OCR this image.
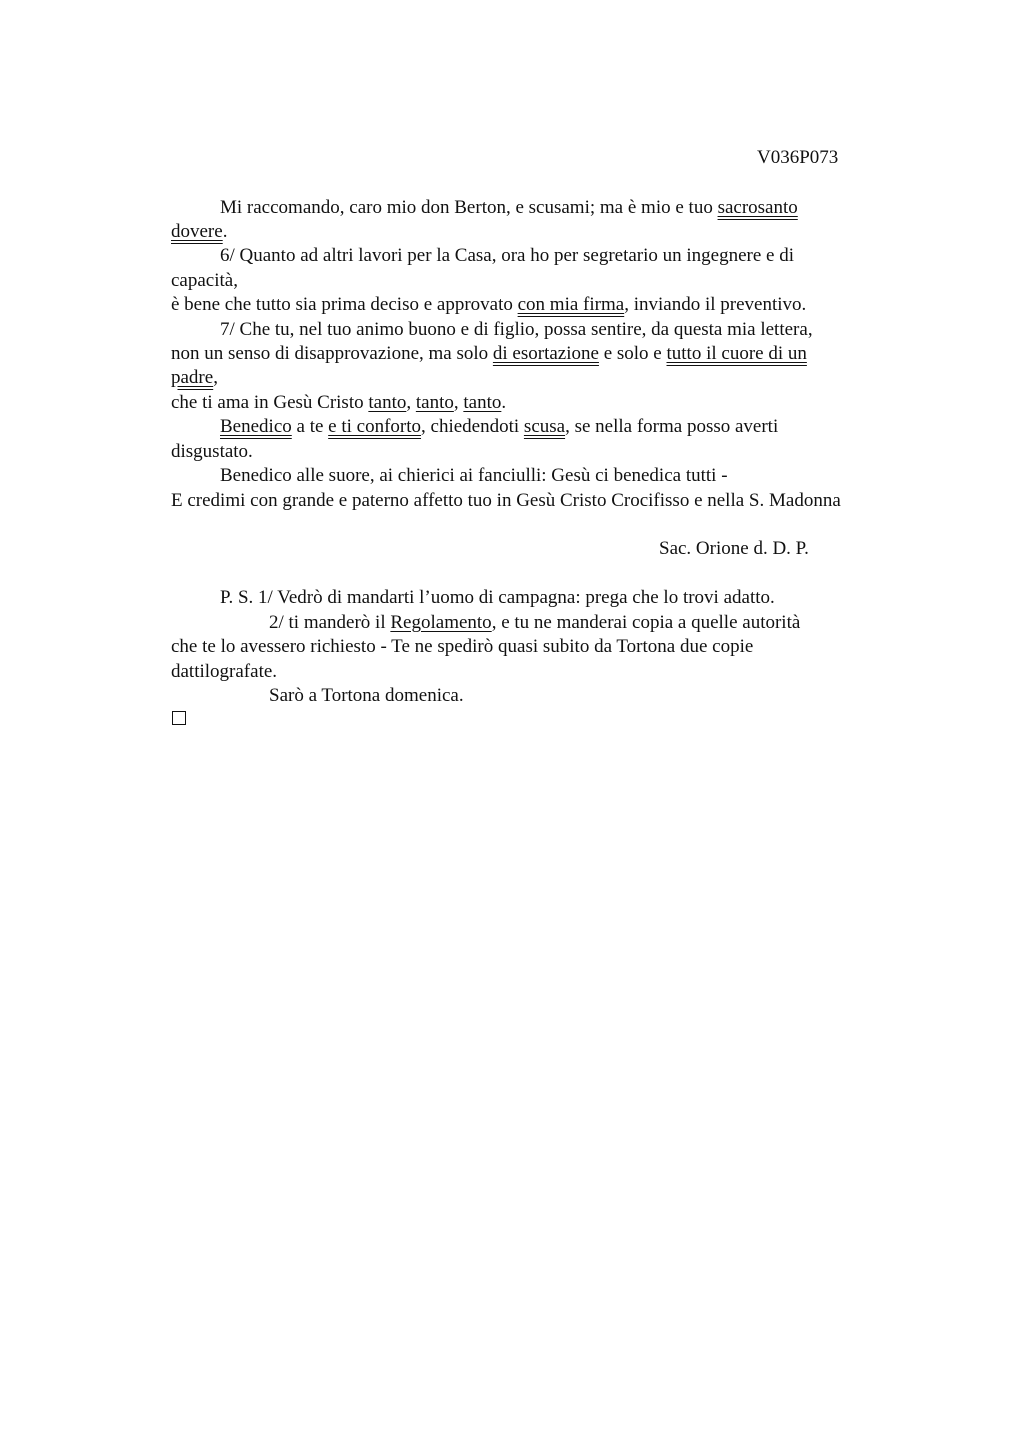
V036P073
Mi raccomando, caro mio don Berton, e scusami; ma è mio e tuo sacrosanto
dovere.
6/ Quanto ad altri lavori per la Casa, ora ho per segretario un ingegnere e di
capacità,
è bene che tutto sia prima deciso e approvato con mia firma, inviando il preventivo.
7/ Che tu, nel tuo animo buono e di figlio, possa sentire, da questa mia lettera,
non un senso di disapprovazione, ma solo di esortazione e solo e tutto il cuore di un
padre,
che ti ama in Gesù Cristo tanto, tanto, tanto.
Benedico a te e ti conforto, chiedendoti scusa, se nella forma posso averti
disgustato.
Benedico alle suore, ai chierici ai fanciulli: Gesù ci benedica tutti -
E credimi con grande e paterno affetto tuo in Gesù Cristo Crocifisso e nella S. Madonna
Sac. Orione d. D. P.
P. S. 1/ Vedrò di mandarti l’uomo di campagna: prega che lo trovi adatto.
2/ ti manderò il Regolamento, e tu ne manderai copia a quelle autorità
che te lo avessero richiesto - Te ne spedirò quasi subito da Tortona due copie
dattilografate.
Sarò a Tortona domenica.
